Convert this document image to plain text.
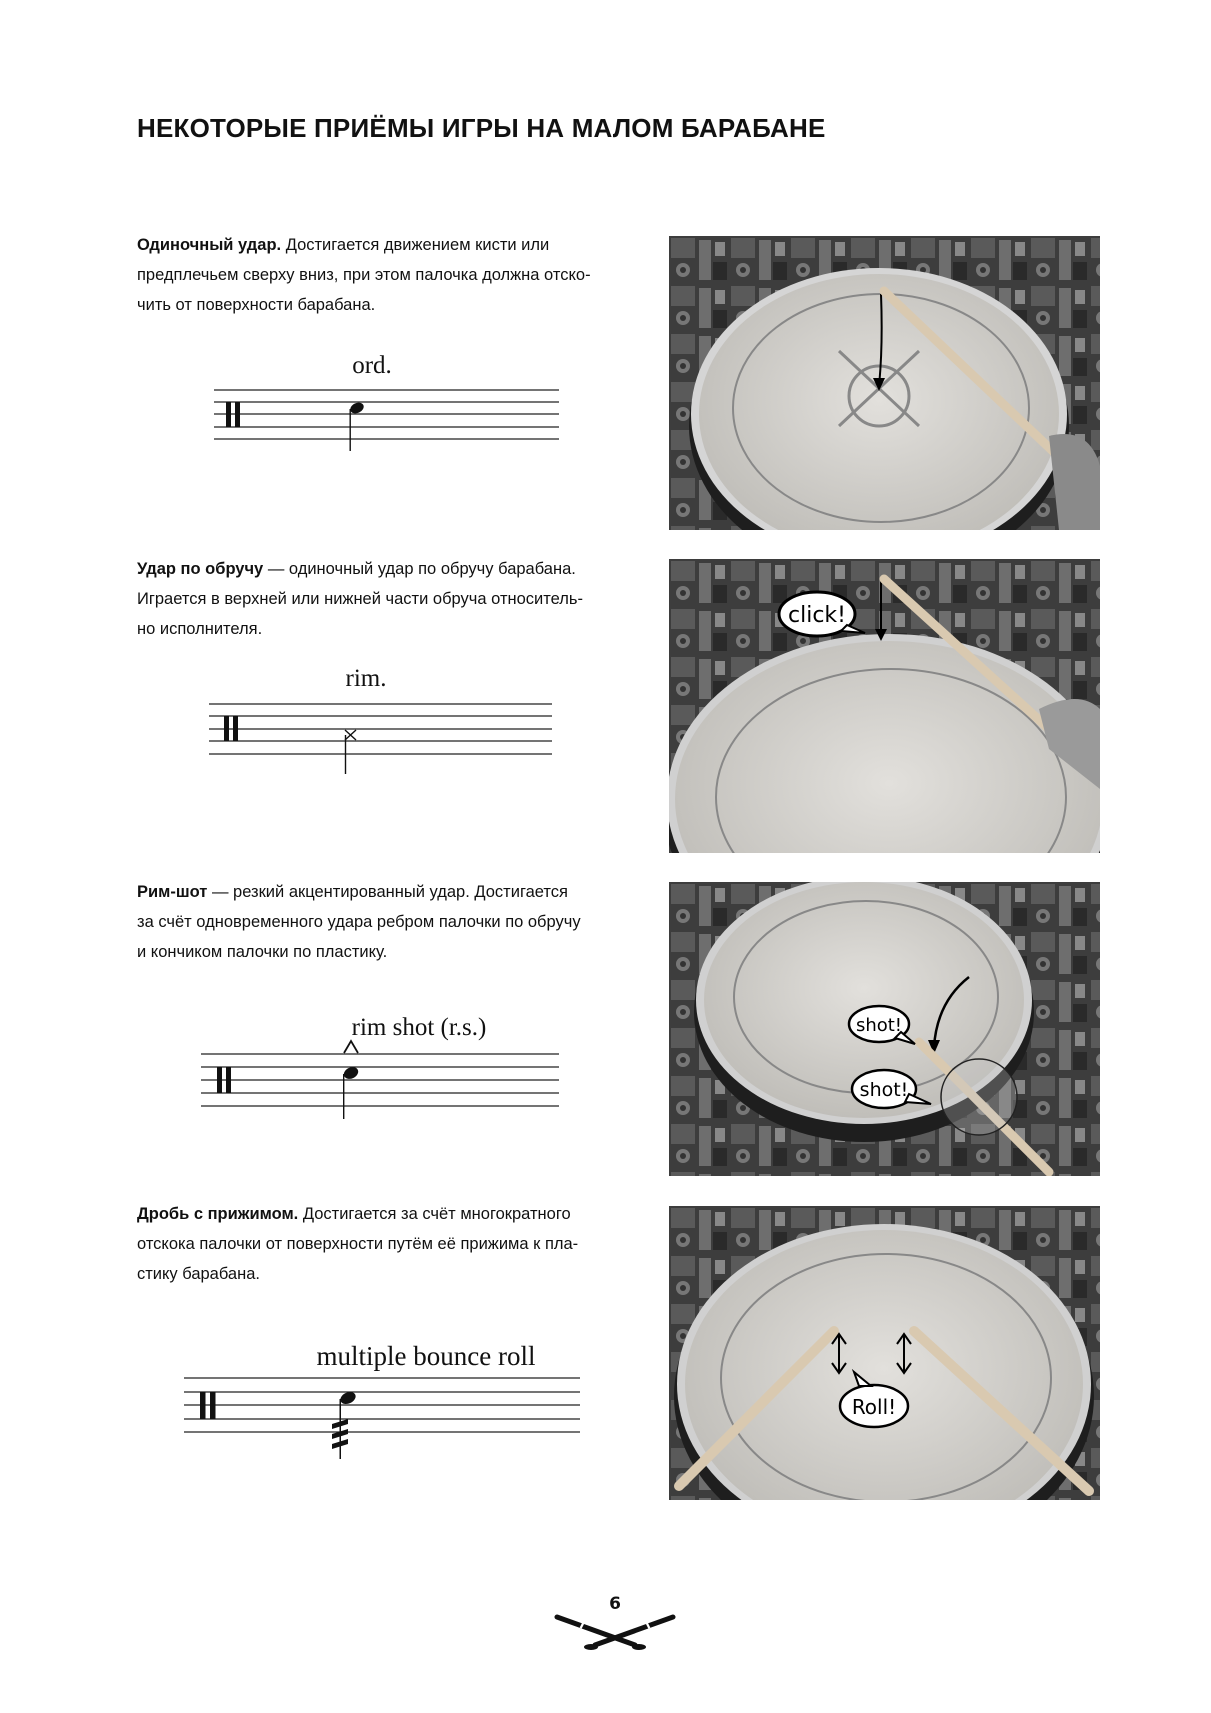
НЕКОТОРЫЕ ПРИЁМЫ ИГРЫ НА МАЛОМ БАРАБАНЕ
Одиночный удар. Достигается движением кисти или
предплечьем сверху вниз, при этом палочка должна отско-
чить от поверхности барабана.
Удар по обручу — одиночный удар по обручу барабана.
Играется в верхней или нижней части обруча относитель-
но исполнителя.
Рим-шот — резкий акцентированный удар. Достигается
за счёт одновременного удара ребром палочки по обручу
и кончиком палочки по пластику.
Дробь с прижимом. Достигается за счёт многократного
отскока палочки от поверхности путём её прижима к пла-
стику барабана.
ord.
rim.
rim shot (r.s.)
multiple bounce roll
click!
shot!
shot!
Roll!
6
